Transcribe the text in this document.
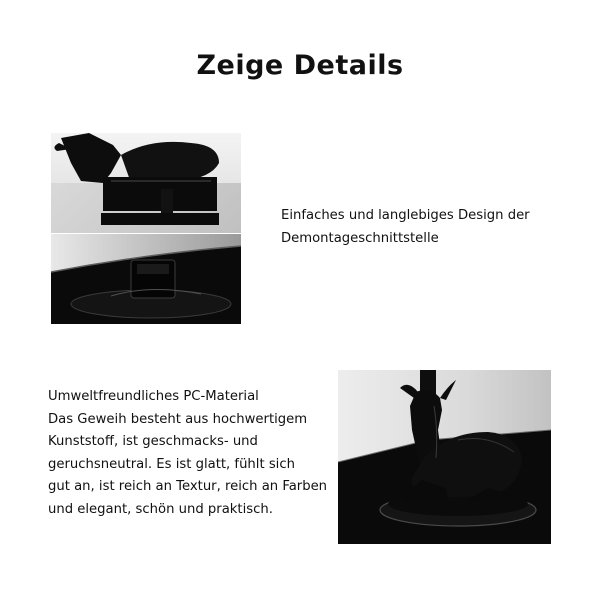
Zeige Details
Einfaches und langlebiges Design der
Demontageschnittstelle
Umweltfreundliches PC-Material
Das Geweih besteht aus hochwertigem
Kunststoff, ist geschmacks- und
geruchsneutral. Es ist glatt, fühlt sich
gut an, ist reich an Textur, reich an Farben
und elegant, schön und praktisch.
